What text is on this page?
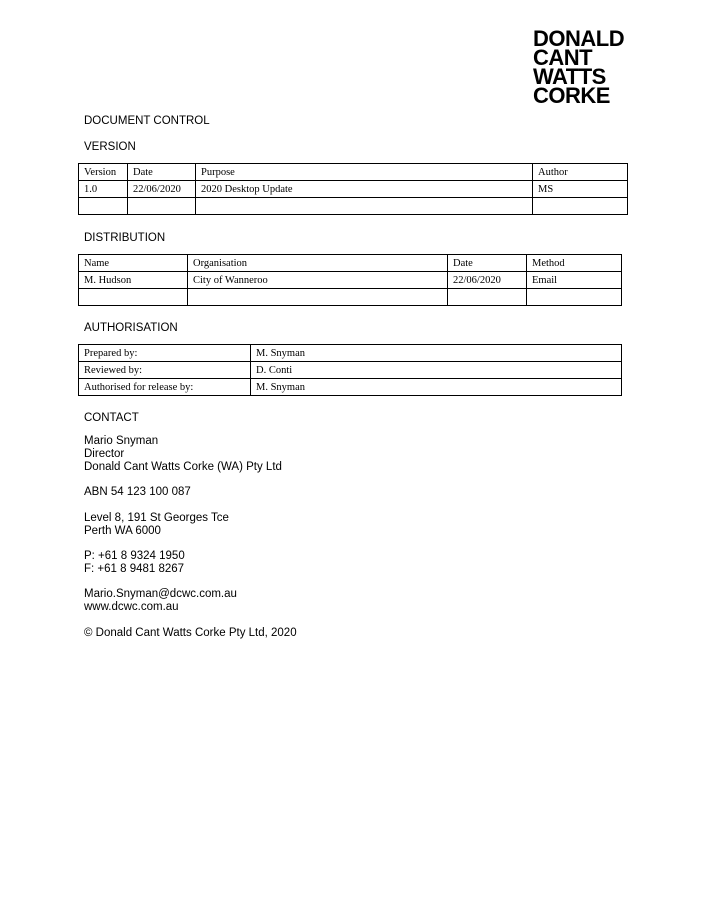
DONALD
CANT
WATTS
CORKE
DOCUMENT CONTROL
VERSION
Version	Date	Purpose	Author
1.0	22/06/2020	2020 Desktop Update	MS

DISTRIBUTION
Name	Organisation	Date	Method
M. Hudson	City of Wanneroo	22/06/2020	Email

AUTHORISATION
Prepared by:	M. Snyman
Reviewed by:	D. Conti
Authorised for release by:	M. Snyman
CONTACT
Mario Snyman
Director
Donald Cant Watts Corke (WA) Pty Ltd
ABN 54 123 100 087
Level 8, 191 St Georges Tce
Perth WA 6000
P: +61 8 9324 1950
F: +61 8 9481 8267
Mario.Snyman@dcwc.com.au
www.dcwc.com.au
© Donald Cant Watts Corke Pty Ltd, 2020
